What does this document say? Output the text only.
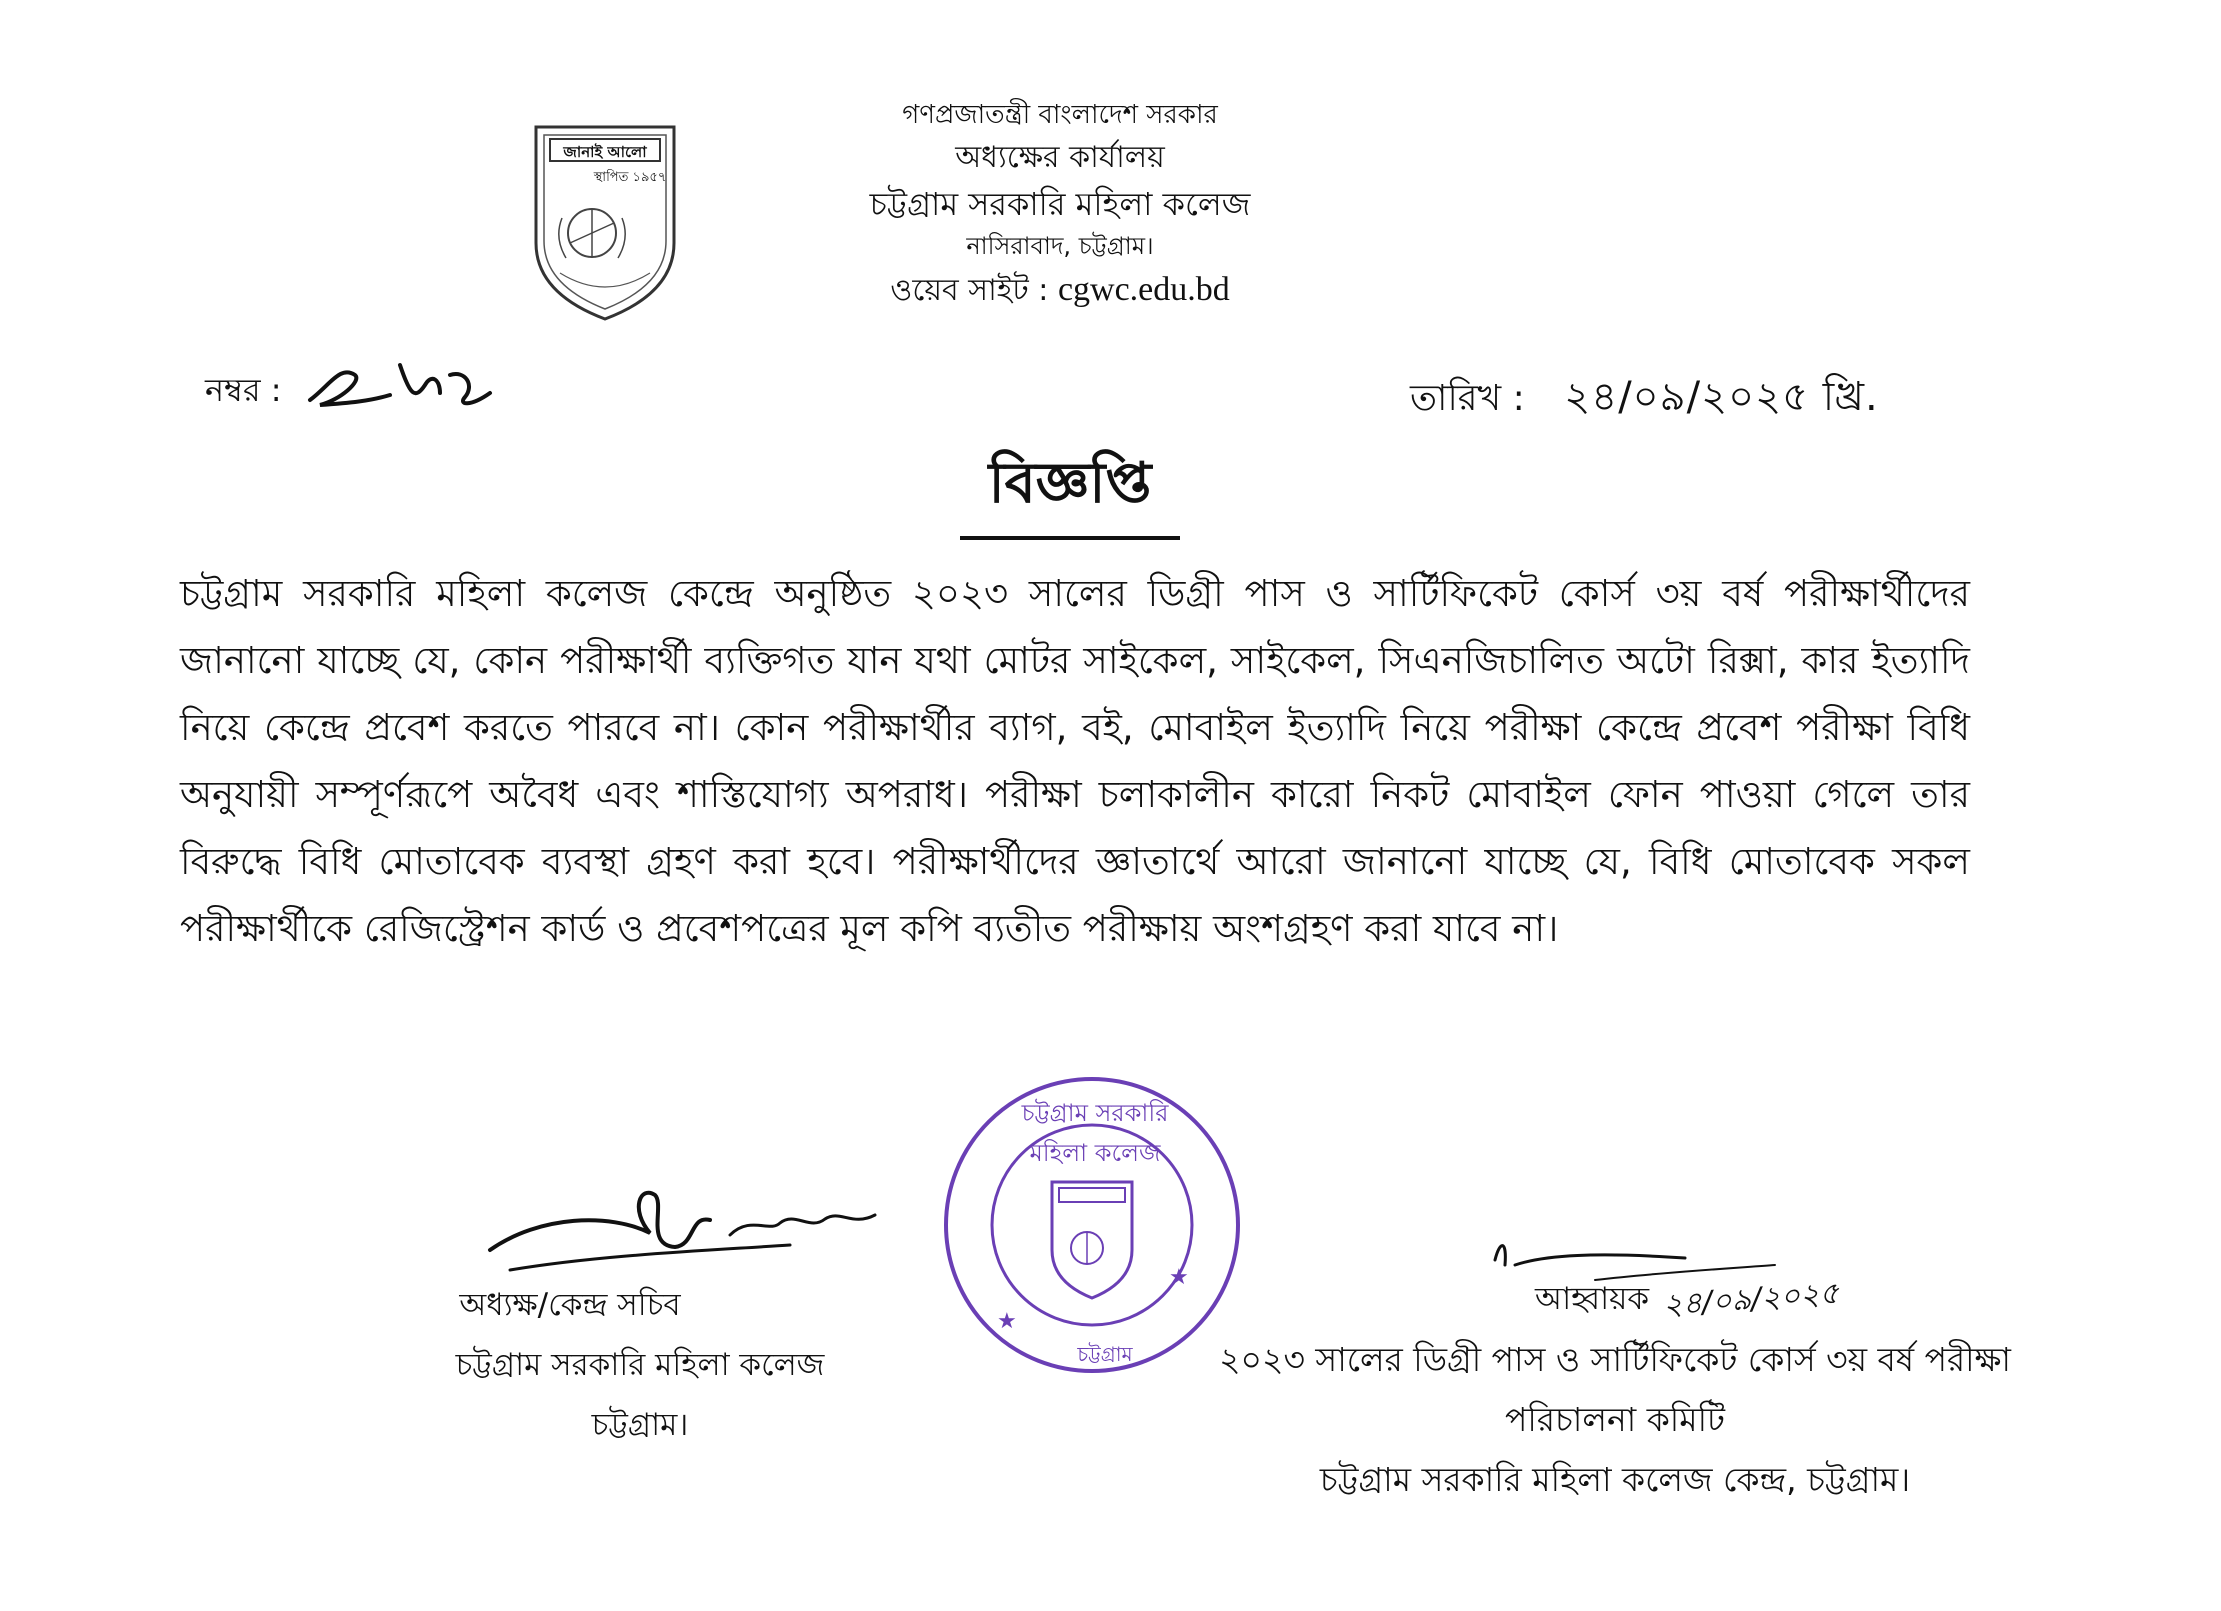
গণপ্রজাতন্ত্রী বাংলাদেশ সরকার
অধ্যক্ষের কার্যালয়
চট্টগ্রাম সরকারি মহিলা কলেজ
নাসিরাবাদ, চট্টগ্রাম।
ওয়েব সাইট : cgwc.edu.bd
জানাই আলো
স্থাপিত ১৯৫৭
নম্বর :	তারিখ : ২৪/০৯/২০২৫ খ্রি.
বিজ্ঞপ্তি
চট্টগ্রাম সরকারি মহিলা কলেজ কেন্দ্রে অনুষ্ঠিত ২০২৩ সালের ডিগ্রী পাস ও সার্টিফিকেট কোর্স ৩য় বর্ষ পরীক্ষার্থীদের জানানো যাচ্ছে যে, কোন পরীক্ষার্থী ব্যক্তিগত যান যথা মোটর সাইকেল, সাইকেল, সিএনজিচালিত অটো রিক্সা, কার ইত্যাদি নিয়ে কেন্দ্রে প্রবেশ করতে পারবে না। কোন পরীক্ষার্থীর ব্যাগ, বই, মোবাইল ইত্যাদি নিয়ে পরীক্ষা কেন্দ্রে প্রবেশ পরীক্ষা বিধি অনুযায়ী সম্পূর্ণরূপে অবৈধ এবং শাস্তিযোগ্য অপরাধ। পরীক্ষা চলাকালীন কারো নিকট মোবাইল ফোন পাওয়া গেলে তার বিরুদ্ধে বিধি মোতাবেক ব্যবস্থা গ্রহণ করা হবে। পরীক্ষার্থীদের জ্ঞাতার্থে আরো জানানো যাচ্ছে যে, বিধি মোতাবেক সকল পরীক্ষার্থীকে রেজিস্ট্রেশন কার্ড ও প্রবেশপত্রের মূল কপি ব্যতীত পরীক্ষায় অংশগ্রহণ করা যাবে না।
★
★
চট্টগ্রাম সরকারি মহিলা কলেজ
চট্টগ্রাম
অধ্যক্ষ/কেন্দ্র সচিব
চট্টগ্রাম সরকারি মহিলা কলেজ
চট্টগ্রাম।
আহ্বায়ক ২৪/০৯/২০২৫
২০২৩ সালের ডিগ্রী পাস ও সার্টিফিকেট কোর্স ৩য় বর্ষ পরীক্ষা
পরিচালনা কমিটি
চট্টগ্রাম সরকারি মহিলা কলেজ কেন্দ্র, চট্টগ্রাম।
